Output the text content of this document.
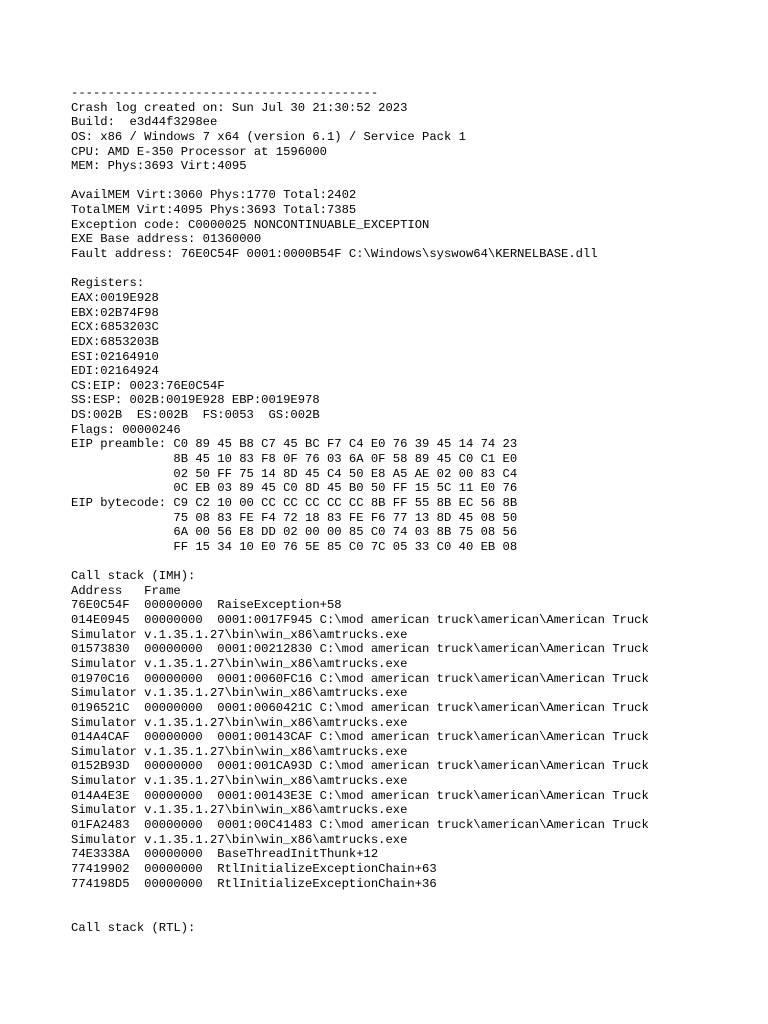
------------------------------------------
Crash log created on: Sun Jul 30 21:30:52 2023
Build:  e3d44f3298ee
OS: x86 / Windows 7 x64 (version 6.1) / Service Pack 1
CPU: AMD E-350 Processor at 1596000
MEM: Phys:3693 Virt:4095
AvailMEM Virt:3060 Phys:1770 Total:2402
TotalMEM Virt:4095 Phys:3693 Total:7385
Exception code: C0000025 NONCONTINUABLE_EXCEPTION
EXE Base address: 01360000
Fault address: 76E0C54F 0001:0000B54F C:\Windows\syswow64\KERNELBASE.dll
Registers:
EAX:0019E928
EBX:02B74F98
ECX:6853203C
EDX:6853203B
ESI:02164910
EDI:02164924
CS:EIP: 0023:76E0C54F
SS:ESP: 002B:0019E928 EBP:0019E978
DS:002B  ES:002B  FS:0053  GS:002B
Flags: 00000246
EIP preamble: C0 89 45 B8 C7 45 BC F7 C4 E0 76 39 45 14 74 23
8B 45 10 83 F8 0F 76 03 6A 0F 58 89 45 C0 C1 E0
02 50 FF 75 14 8D 45 C4 50 E8 A5 AE 02 00 83 C4
0C EB 03 89 45 C0 8D 45 B0 50 FF 15 5C 11 E0 76
EIP bytecode: C9 C2 10 00 CC CC CC CC CC 8B FF 55 8B EC 56 8B
75 08 83 FE F4 72 18 83 FE F6 77 13 8D 45 08 50
6A 00 56 E8 DD 02 00 00 85 C0 74 03 8B 75 08 56
FF 15 34 10 E0 76 5E 85 C0 7C 05 33 C0 40 EB 08
Call stack (IMH):
Address   Frame
76E0C54F  00000000  RaiseException+58
014E0945  00000000  0001:0017F945 C:\mod american truck\american\American Truck
Simulator v.1.35.1.27\bin\win_x86\amtrucks.exe
01573830  00000000  0001:00212830 C:\mod american truck\american\American Truck
Simulator v.1.35.1.27\bin\win_x86\amtrucks.exe
01970C16  00000000  0001:0060FC16 C:\mod american truck\american\American Truck
Simulator v.1.35.1.27\bin\win_x86\amtrucks.exe
0196521C  00000000  0001:0060421C C:\mod american truck\american\American Truck
Simulator v.1.35.1.27\bin\win_x86\amtrucks.exe
014A4CAF  00000000  0001:00143CAF C:\mod american truck\american\American Truck
Simulator v.1.35.1.27\bin\win_x86\amtrucks.exe
0152B93D  00000000  0001:001CA93D C:\mod american truck\american\American Truck
Simulator v.1.35.1.27\bin\win_x86\amtrucks.exe
014A4E3E  00000000  0001:00143E3E C:\mod american truck\american\American Truck
Simulator v.1.35.1.27\bin\win_x86\amtrucks.exe
01FA2483  00000000  0001:00C41483 C:\mod american truck\american\American Truck
Simulator v.1.35.1.27\bin\win_x86\amtrucks.exe
74E3338A  00000000  BaseThreadInitThunk+12
77419902  00000000  RtlInitializeExceptionChain+63
774198D5  00000000  RtlInitializeExceptionChain+36
Call stack (RTL):
